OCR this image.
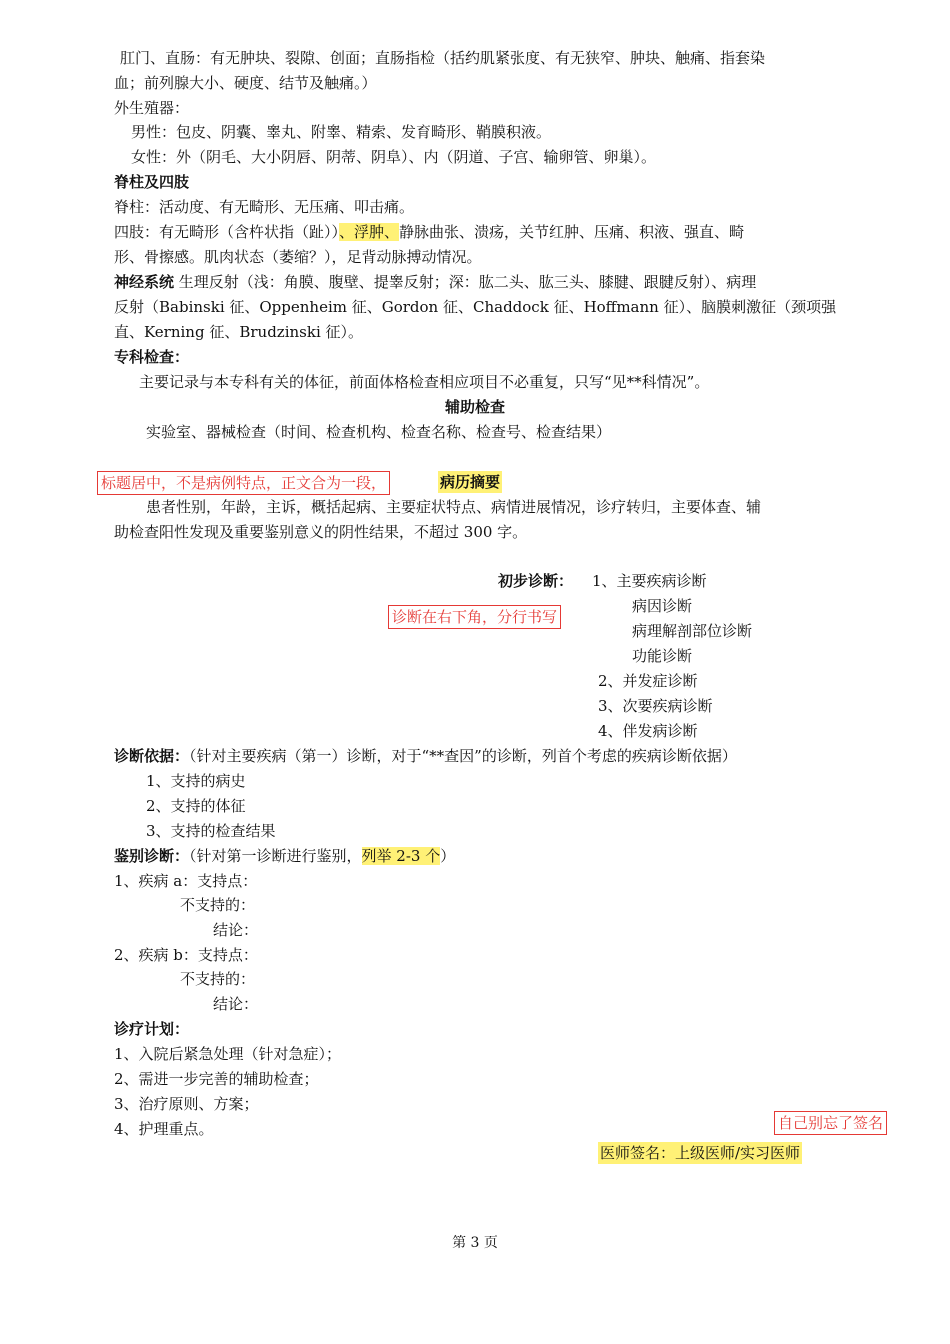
肛门、直肠：有无肿块、裂隙、创面；直肠指检（括约肌紧张度、有无狭窄、肿块、触痛、指套染
血；前列腺大小、硬度、结节及触痛。）
外生殖器：
男性：包皮、阴囊、睾丸、附睾、精索、发育畸形、鞘膜积液。
女性：外（阴毛、大小阴唇、阴蒂、阴阜）、内（阴道、子宫、输卵管、卵巢）。
脊柱及四肢
脊柱：活动度、有无畸形、无压痛、叩击痛。
四肢：有无畸形（含杵状指（趾））、浮肿、静脉曲张、溃疡，关节红肿、压痛、积液、强直、畸
形、骨擦感。肌肉状态（萎缩？），足背动脉搏动情况。
神经系统 生理反射（浅：角膜、腹壁、提睾反射；深：肱二头、肱三头、膝腱、跟腱反射）、病理
反射（Babinski 征、Oppenheim 征、Gordon 征、Chaddock 征、Hoffmann 征）、脑膜刺激征（颈项强
直、Kerning 征、Brudzinski 征）。
专科检查：
主要记录与本专科有关的体征，前面体格检查相应项目不必重复，只写“见**科情况”。
辅助检查
实验室、器械检查（时间、检查机构、检查名称、检查号、检查结果）
标题居中，不是病例特点，正文合为一段，	病历摘要
患者性别，年龄，主诉，概括起病、主要症状特点、病情进展情况，诊疗转归，主要体查、辅
助检查阳性发现及重要鉴别意义的阴性结果，不超过 300 字。
初步诊断： 1、主要疾病诊断
病因诊断
诊断在右下角，分行书写
病理解剖部位诊断
功能诊断
2、并发症诊断
3、次要疾病诊断
4、伴发病诊断
诊断依据：（针对主要疾病（第一）诊断，对于“**查因”的诊断，列首个考虑的疾病诊断依据）
1、支持的病史
2、支持的体征
3、支持的检查结果
鉴别诊断：（针对第一诊断进行鉴别，列举 2-3 个）
1、疾病 a：支持点：
不支持的：
结论：
2、疾病 b：支持点：
不支持的：
结论：
诊疗计划：
1、入院后紧急处理（针对急症）；
2、需进一步完善的辅助检查；
3、治疗原则、方案；
4、护理重点。	自己别忘了签名
医师签名：上级医师/实习医师
第 3 页
